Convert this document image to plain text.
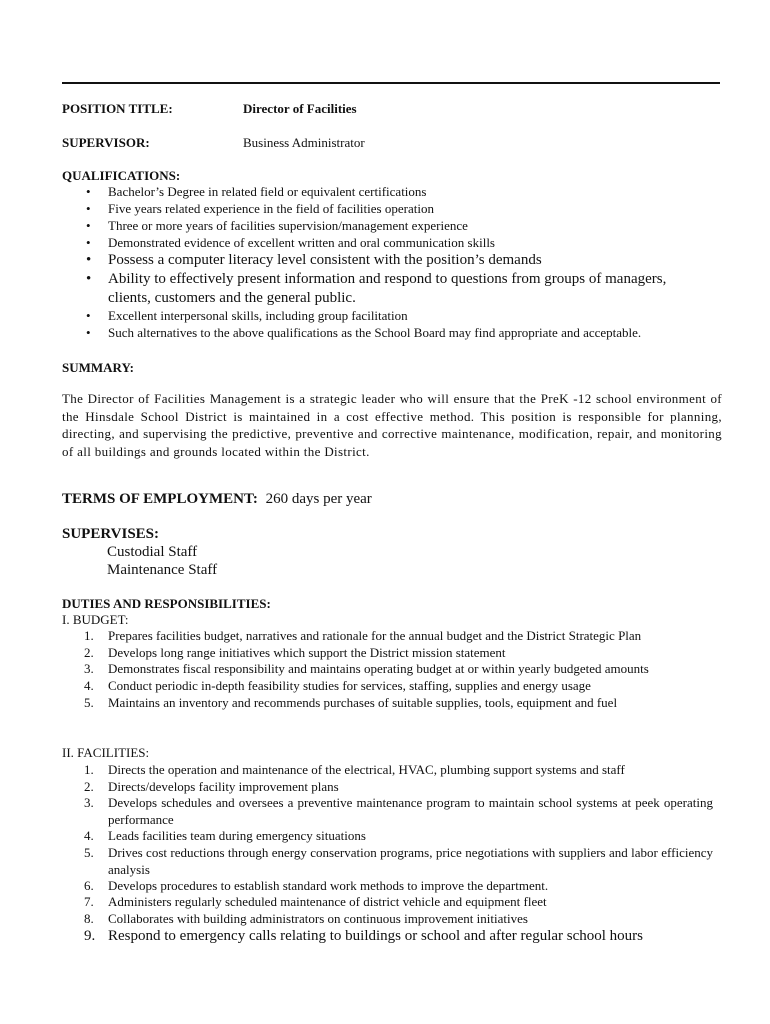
POSITION TITLE:	Director of Facilities
SUPERVISOR:	Business Administrator
QUALIFICATIONS:
• Bachelor’s Degree in related field or equivalent certifications
• Five years related experience in the field of facilities operation
• Three or more years of facilities supervision/management experience
• Demonstrated evidence of excellent written and oral communication skills
• Possess a computer literacy level consistent with the position’s demands
• Ability to effectively present information and respond to questions from groups of managers,
clients, customers and the general public.
• Excellent interpersonal skills, including group facilitation
• Such alternatives to the above qualifications as the School Board may find appropriate and acceptable.
SUMMARY:
The Director of Facilities Management is a strategic leader who will ensure that the PreK -12 school environment of the Hinsdale School District is maintained in a cost effective method. This position is responsible for planning, directing, and supervising the predictive, preventive and corrective maintenance, modification, repair, and monitoring of all buildings and grounds located within the District.
TERMS OF EMPLOYMENT: 260 days per year
SUPERVISES:
Custodial Staff
Maintenance Staff
DUTIES AND RESPONSIBILITIES:
I. BUDGET:
1. Prepares facilities budget, narratives and rationale for the annual budget and the District Strategic Plan
2. Develops long range initiatives which support the District mission statement
3. Demonstrates fiscal responsibility and maintains operating budget at or within yearly budgeted amounts
4. Conduct periodic in-depth feasibility studies for services, staffing, supplies and energy usage
5. Maintains an inventory and recommends purchases of suitable supplies, tools, equipment and fuel
II. FACILITIES:
1. Directs the operation and maintenance of the electrical, HVAC, plumbing support systems and staff
2. Directs/develops facility improvement plans
3. Develops schedules and oversees a preventive maintenance program to maintain school systems at peek operating performance
4. Leads facilities team during emergency situations
5. Drives cost reductions through energy conservation programs, price negotiations with suppliers and labor efficiency analysis
6. Develops procedures to establish standard work methods to improve the department.
7. Administers regularly scheduled maintenance of district vehicle and equipment fleet
8. Collaborates with building administrators on continuous improvement initiatives
9. Respond to emergency calls relating to buildings or school and after regular school hours
